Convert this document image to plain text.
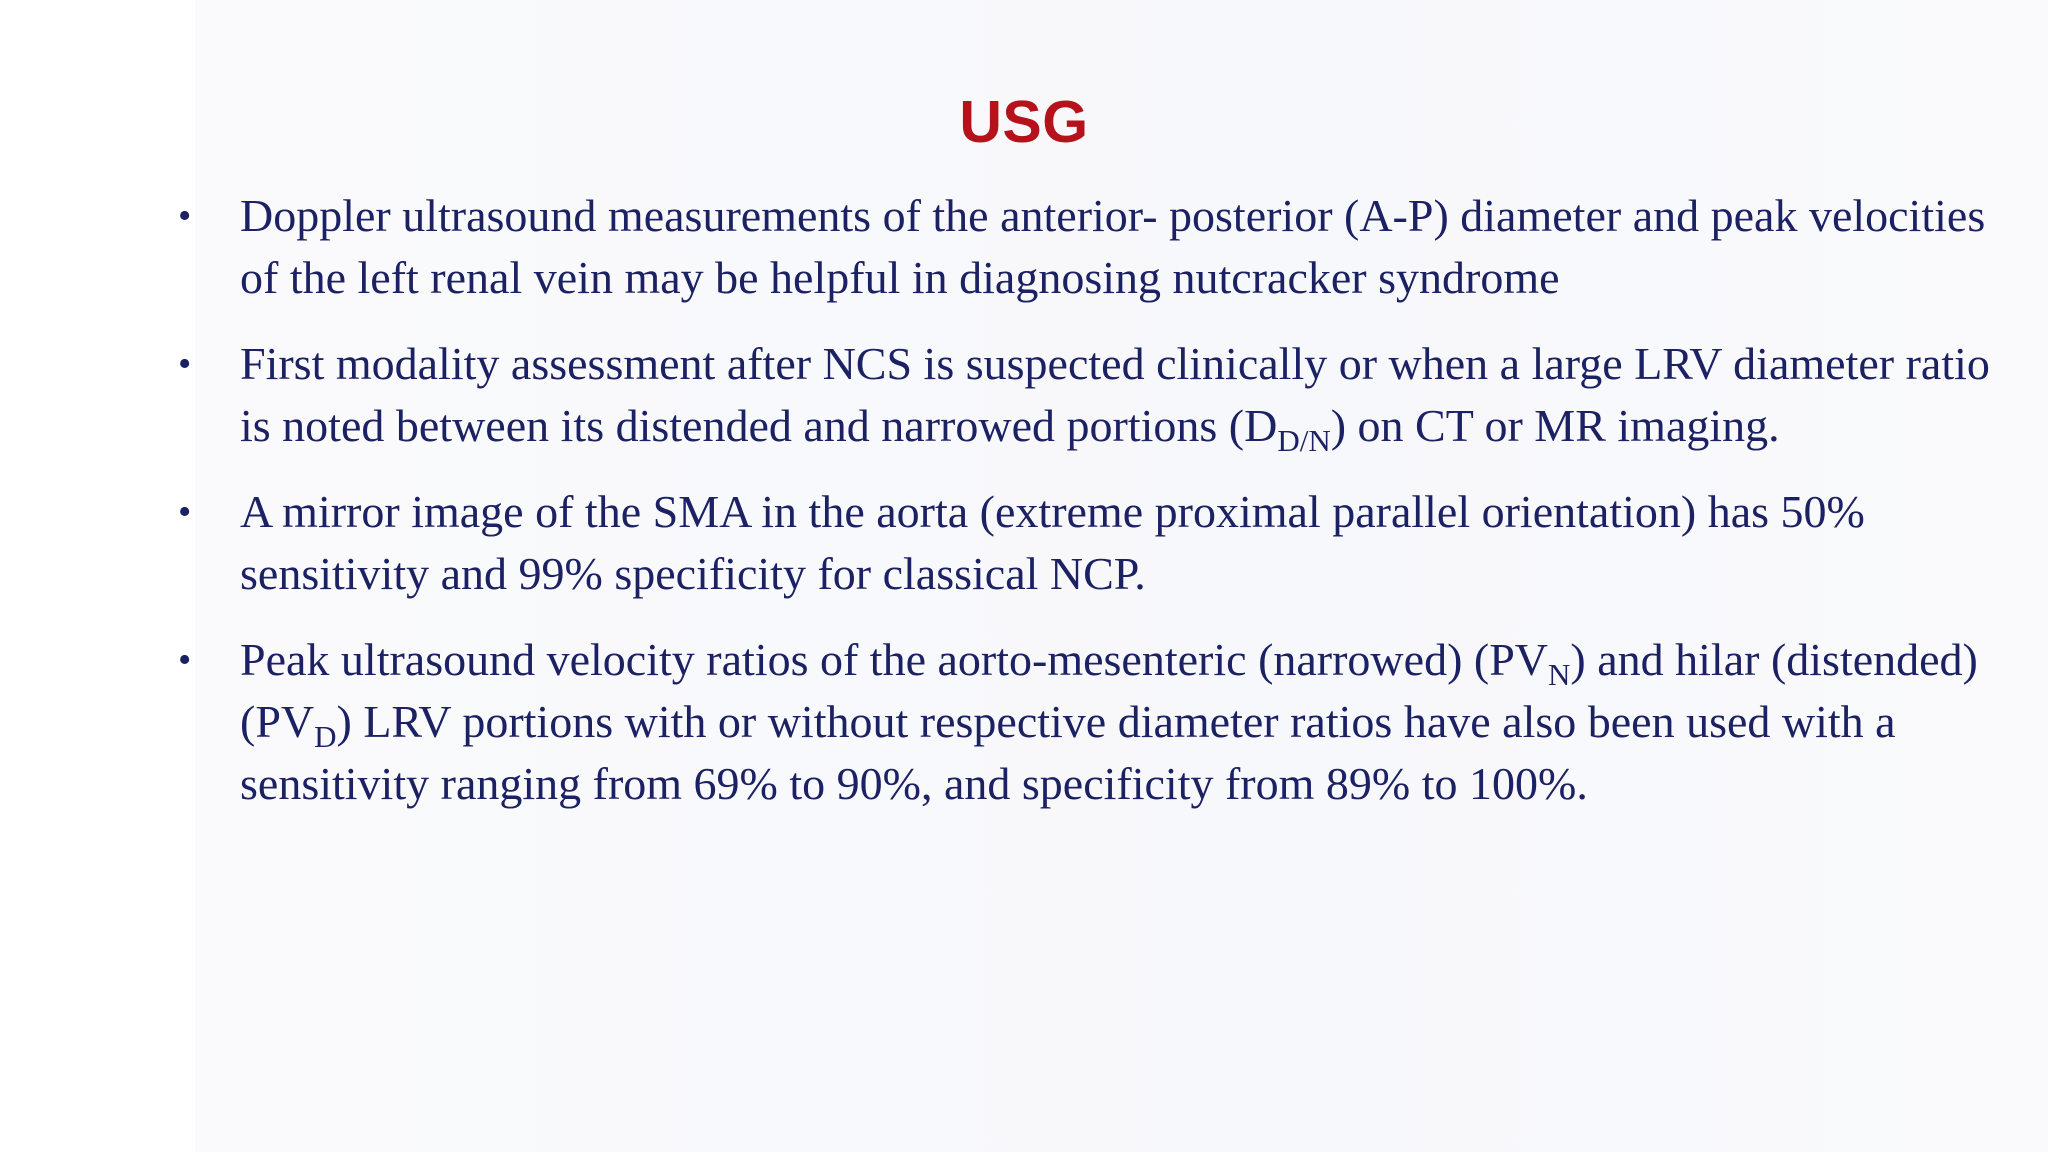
USG
• Doppler ultrasound measurements of the anterior- posterior (A-P) diameter and peak velocities of the left renal vein may be helpful in diagnosing nutcracker syndrome
• First modality assessment after NCS is suspected clinically or when a large LRV diameter ratio is noted between its distended and narrowed portions $(D_{D/N})$ on CT or MR imaging.
• A mirror image of the SMA in the aorta (extreme proximal parallel orientation) has 50% sensitivity and 99% specificity for classical NCP.
• Peak ultrasound velocity ratios of the aorto-mesenteric (narrowed) $(PV_N)$ and hilar (distended) $(PV_D)$ LRV portions with or without respective diameter ratios have also been used with a sensitivity ranging from 69% to 90%, and specificity from 89% to 100%.
